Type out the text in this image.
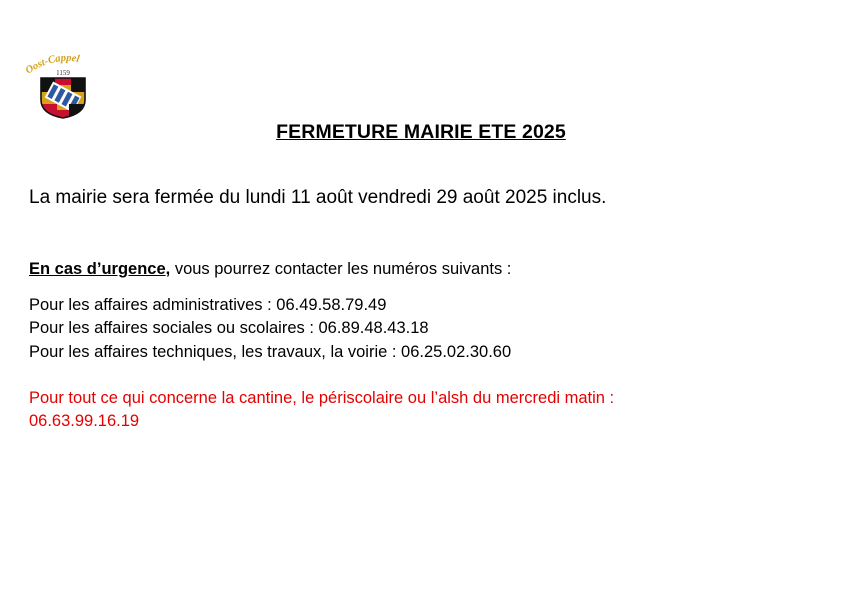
Oost-Cappel
1159
FERMETURE MAIRIE ETE 2025
La mairie sera fermée du lundi 11 août vendredi 29 août 2025 inclus.
En cas d’urgence, vous pourrez contacter les numéros suivants :
Pour les affaires administratives : 06.49.58.79.49
Pour les affaires sociales ou scolaires : 06.89.48.43.18
Pour les affaires techniques, les travaux, la voirie : 06.25.02.30.60
Pour tout ce qui concerne la cantine, le périscolaire ou l’alsh du mercredi matin :
06.63.99.16.19
